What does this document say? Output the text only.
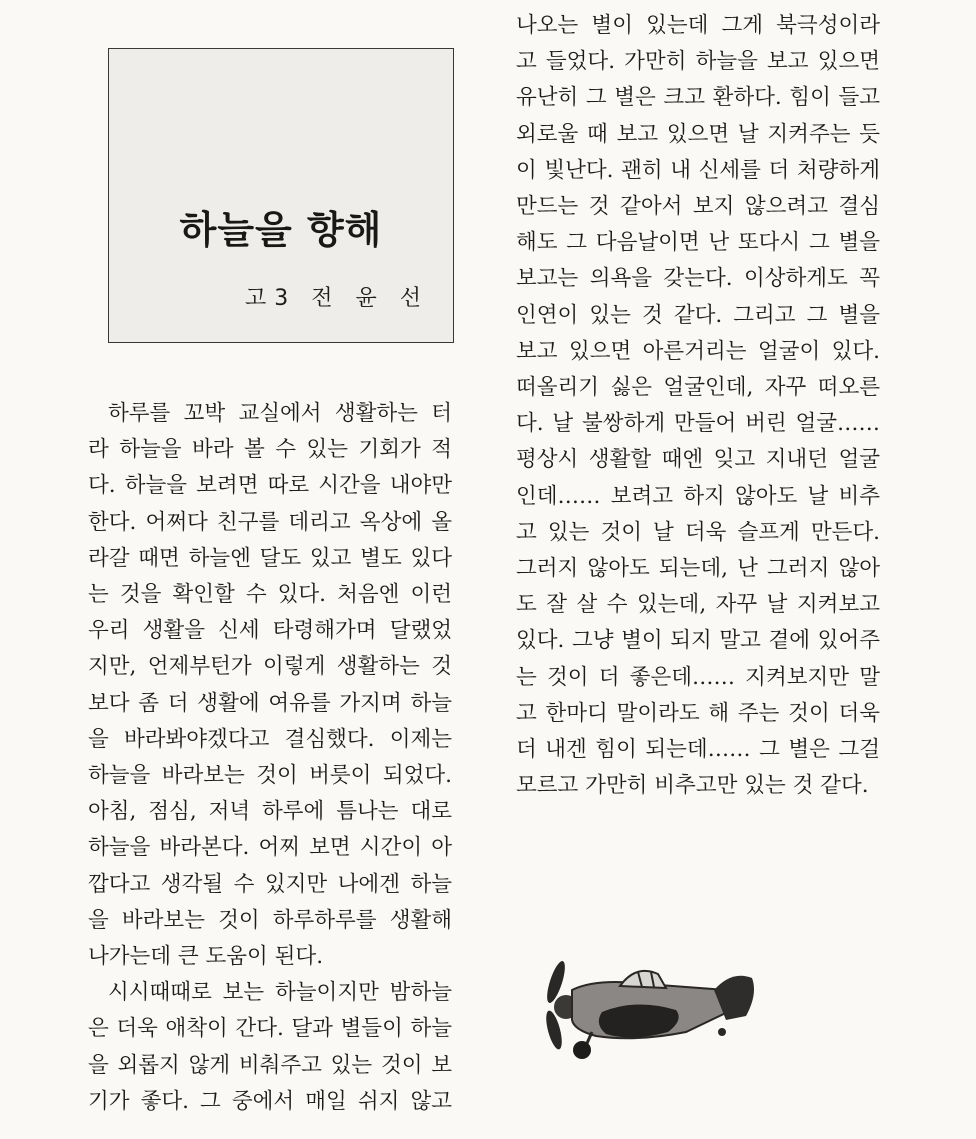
하늘을 향해
고3 전 윤 선

하루를 꼬박 교실에서 생활하는 터
라 하늘을 바라 볼 수 있는 기회가 적
다. 하늘을 보려면 따로 시간을 내야만
한다. 어쩌다 친구를 데리고 옥상에 올
라갈 때면 하늘엔 달도 있고 별도 있다
는 것을 확인할 수 있다. 처음엔 이런
우리 생활을 신세 타령해가며 달랬었
지만, 언제부턴가 이렇게 생활하는 것
보다 좀 더 생활에 여유를 가지며 하늘
을 바라봐야겠다고 결심했다. 이제는
하늘을 바라보는 것이 버릇이 되었다.
아침, 점심, 저녁 하루에 틈나는 대로
하늘을 바라본다. 어찌 보면 시간이 아
깝다고 생각될 수 있지만 나에겐 하늘
을 바라보는 것이 하루하루를 생활해
나가는데 큰 도움이 된다.

시시때때로 보는 하늘이지만 밤하늘
은 더욱 애착이 간다. 달과 별들이 하늘
을 외롭지 않게 비춰주고 있는 것이 보
기가 좋다. 그 중에서 매일 쉬지 않고

나오는 별이 있는데 그게 북극성이라
고 들었다. 가만히 하늘을 보고 있으면
유난히 그 별은 크고 환하다. 힘이 들고
외로울 때 보고 있으면 날 지켜주는 듯
이 빛난다. 괜히 내 신세를 더 처량하게
만드는 것 같아서 보지 않으려고 결심
해도 그 다음날이면 난 또다시 그 별을
보고는 의욕을 갖는다. 이상하게도 꼭
인연이 있는 것 같다. 그리고 그 별을
보고 있으면 아른거리는 얼굴이 있다.
떠올리기 싫은 얼굴인데, 자꾸 떠오른
다. 날 불쌍하게 만들어 버린 얼굴……
평상시 생활할 때엔 잊고 지내던 얼굴
인데…… 보려고 하지 않아도 날 비추
고 있는 것이 날 더욱 슬프게 만든다.
그러지 않아도 되는데, 난 그러지 않아
도 잘 살 수 있는데, 자꾸 날 지켜보고
있다. 그냥 별이 되지 말고 곁에 있어주
는 것이 더 좋은데…… 지켜보지만 말
고 한마디 말이라도 해 주는 것이 더욱
더 내겐 힘이 되는데…… 그 별은 그걸
모르고 가만히 비추고만 있는 것 같다.
